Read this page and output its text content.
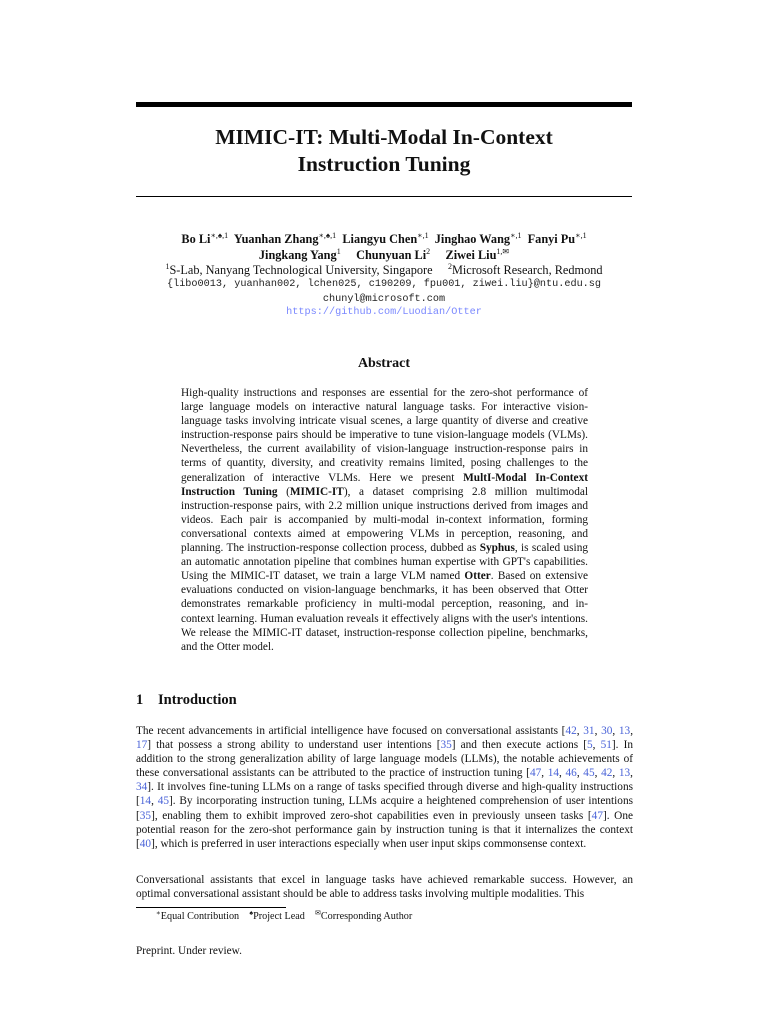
MIMIC-IT: Multi-Modal In-Context
Instruction Tuning
Bo $Li^{∗,♠,1}$ Yuanhan Zhang$^{∗,♠,1}$ Liangyu Chen$^{∗,1}$ Jinghao Wang$^{∗,1}$ Fanyi $Pu^{∗,1}$
Jingkang Yang$^1$ Chunyuan Li$^2$ Ziwei Liu$^{1,✉}$
$^1$S-Lab, Nanyang Technological University, Singapore $^2$Microsoft Research, Redmond
{libo0013, yuanhan002, lchen025, c190209, fpu001, ziwei.liu}@ntu.edu.sg
chunyl@microsoft.com
https://github.com/Luodian/Otter
Abstract
High-quality instructions and responses are essential for the zero-shot performance of large language models on interactive natural language tasks. For interactive vision-language tasks involving intricate visual scenes, a large quantity of diverse and creative instruction-response pairs should be imperative to tune vision-language models (VLMs). Nevertheless, the current availability of vision-language instruction-response pairs in terms of quantity, diversity, and creativity remains limited, posing challenges to the generalization of interactive VLMs. Here we present MultI-Modal In-Context Instruction Tuning (MIMIC-IT), a dataset comprising 2.8 million multimodal instruction-response pairs, with 2.2 million unique instructions derived from images and videos. Each pair is accompanied by multi-modal in-context information, forming conversational contexts aimed at empowering VLMs in perception, reasoning, and planning. The instruction-response collection process, dubbed as Syphus, is scaled using an automatic annotation pipeline that combines human expertise with GPT's capabilities. Using the MIMIC-IT dataset, we train a large VLM named Otter. Based on extensive evaluations conducted on vision-language benchmarks, it has been observed that Otter demonstrates remarkable proficiency in multi-modal perception, reasoning, and in-context learning. Human evaluation reveals it effectively aligns with the user's intentions. We release the MIMIC-IT dataset, instruction-response collection pipeline, benchmarks, and the Otter model.
1 Introduction
The recent advancements in artificial intelligence have focused on conversational assistants [42, 31, 30, 13, 17] that possess a strong ability to understand user intentions [35] and then execute actions [5, 51]. In addition to the strong generalization ability of large language models (LLMs), the notable achievements of these conversational assistants can be attributed to the practice of instruction tuning [47, 14, 46, 45, 42, 13, 34]. It involves fine-tuning LLMs on a range of tasks specified through diverse and high-quality instructions [14, 45]. By incorporating instruction tuning, LLMs acquire a heightened comprehension of user intentions [35], enabling them to exhibit improved zero-shot capabilities even in previously unseen tasks [47]. One potential reason for the zero-shot performance gain by instruction tuning is that it internalizes the context [40], which is preferred in user interactions especially when user input skips commonsense context.
Conversational assistants that excel in language tasks have achieved remarkable success. However, an optimal conversational assistant should be able to address tasks involving multiple modalities. This
∗Equal Contribution ♠Project Lead ✉Corresponding Author
Preprint. Under review.
